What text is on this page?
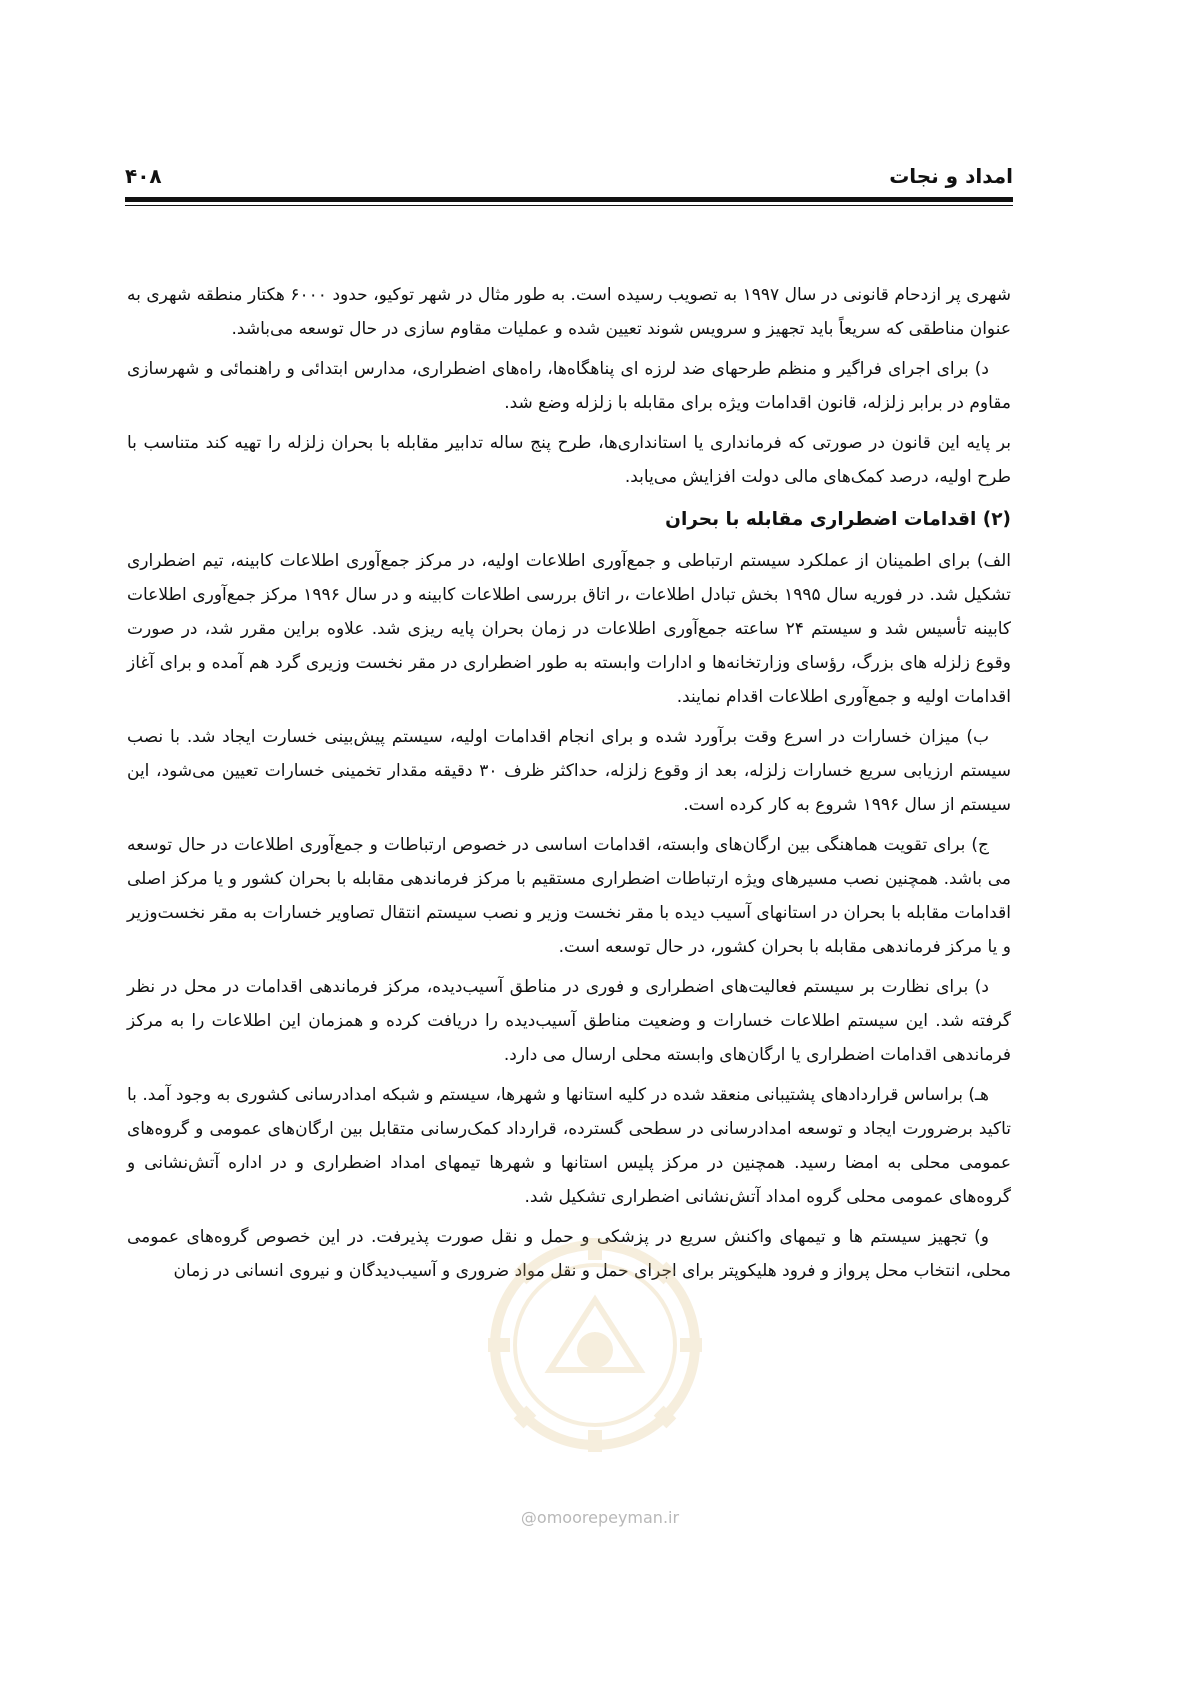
امداد و نجات
۴۰۸

شهری پر ازدحام قانونی در سال ۱۹۹۷ به تصویب رسیده است. به طور مثال در شهر توکیو، حدود ۶۰۰۰ هکتار منطقه شهری به عنوان مناطقی که سریعاً باید تجهیز و سرویس شوند تعیین شده و عملیات مقاوم سازی در حال توسعه می‌باشد.

د) برای اجرای فراگیر و منظم طرحهای ضد لرزه ای پناهگاه‌ها، راه‌های اضطراری، مدارس ابتدائی و راهنمائی و شهرسازی مقاوم در برابر زلزله، قانون اقدامات ویژه برای مقابله با زلزله وضع شد.

بر پایه این قانون در صورتی که فرمانداری یا استانداری‌ها، طرح پنج ساله تدابیر مقابله با بحران زلزله را تهیه کند متناسب با طرح اولیه، درصد کمک‌های مالی دولت افزایش می‌یابد.

(۲) اقدامات اضطراری مقابله با بحران

الف) برای اطمینان از عملکرد سیستم ارتباطی و جمع‌آوری اطلاعات اولیه، در مرکز جمع‌آوری اطلاعات کابینه، تیم اضطراری تشکیل شد. در فوریه سال ۱۹۹۵ بخش تبادل اطلاعات ،ر اتاق بررسی اطلاعات کابینه و در سال ۱۹۹۶ مرکز جمع‌آوری اطلاعات کابینه تأسیس شد و سیستم ۲۴ ساعته جمع‌آوری اطلاعات در زمان بحران پایه ریزی شد. علاوه براین مقرر شد، در صورت وقوع زلزله های بزرگ، رؤسای وزارتخانه‌ها و ادارات وابسته به طور اضطراری در مقر نخست وزیری گرد هم آمده و برای آغاز اقدامات اولیه و جمع‌آوری اطلاعات اقدام نمایند.

ب) میزان خسارات در اسرع وقت برآورد شده و برای انجام اقدامات اولیه، سیستم پیش‌بینی خسارت ایجاد شد. با نصب سیستم ارزیابی سریع خسارات زلزله، بعد از وقوع زلزله، حداکثر ظرف ۳۰ دقیقه مقدار تخمینی خسارات تعیین می‌شود، این سیستم از سال ۱۹۹۶ شروع به کار کرده است.

ج) برای تقویت هماهنگی بین ارگان‌های وابسته، اقدامات اساسی در خصوص ارتباطات و جمع‌آوری اطلاعات در حال توسعه می باشد. همچنین نصب مسیرهای ویژه ارتباطات اضطراری مستقیم با مرکز فرماندهی مقابله با بحران کشور و یا مرکز اصلی اقدامات مقابله با بحران در استانهای آسیب دیده با مقر نخست وزیر و نصب سیستم انتقال تصاویر خسارات به مقر نخست‌وزیر و یا مرکز فرماندهی مقابله با بحران کشور، در حال توسعه است.

د) برای نظارت بر سیستم فعالیت‌های اضطراری و فوری در مناطق آسیب‌دیده، مرکز فرماندهی اقدامات در محل در نظر گرفته شد. این سیستم اطلاعات خسارات و وضعیت مناطق آسیب‌دیده را دریافت کرده و همزمان این اطلاعات را به مرکز فرماندهی اقدامات اضطراری یا ارگان‌های وابسته محلی ارسال می دارد.

هـ) براساس قراردادهای پشتیبانی منعقد شده در کلیه استانها و شهرها، سیستم و شبکه امدادرسانی کشوری به وجود آمد. با تاکید برضرورت ایجاد و توسعه امدادرسانی در سطحی گسترده، قرارداد کمک‌رسانی متقابل بین ارگان‌های عمومی و گروه‌های عمومی محلی به امضا رسید. همچنین در مرکز پلیس استانها و شهرها تیمهای امداد اضطراری و در اداره آتش‌نشانی و گروه‌های عمومی محلی گروه امداد آتش‌نشانی اضطراری تشکیل شد.

و) تجهیز سیستم ها و تیمهای واکنش سریع در پزشکی و حمل و نقل صورت پذیرفت. در این خصوص گروه‌های عمومی محلی، انتخاب محل پرواز و فرود هلیکوپتر برای اجرای حمل و نقل مواد ضروری و آسیب‌دیدگان و نیروی انسانی در زمان

@omoorepeyman.ir
